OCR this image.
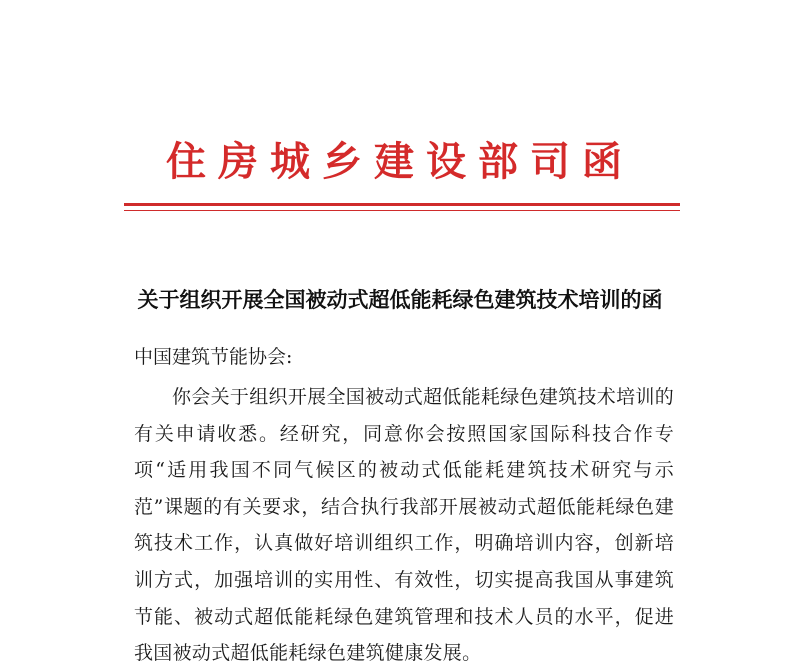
住房城乡建设部司函
关于组织开展全国被动式超低能耗绿色建筑技术培训的函
中国建筑节能协会:

你会关于组织开展全国被动式超低能耗绿色建筑技术培训的有关申请收悉。经研究，同意你会按照国家国际科技合作专项“适用我国不同气候区的被动式低能耗建筑技术研究与示范”课题的有关要求，结合执行我部开展被动式超低能耗绿色建筑技术工作，认真做好培训组织工作，明确培训内容，创新培训方式，加强培训的实用性、有效性，切实提高我国从事建筑节能、被动式超低能耗绿色建筑管理和技术人员的水平，促进我国被动式超低能耗绿色建筑健康发展。
